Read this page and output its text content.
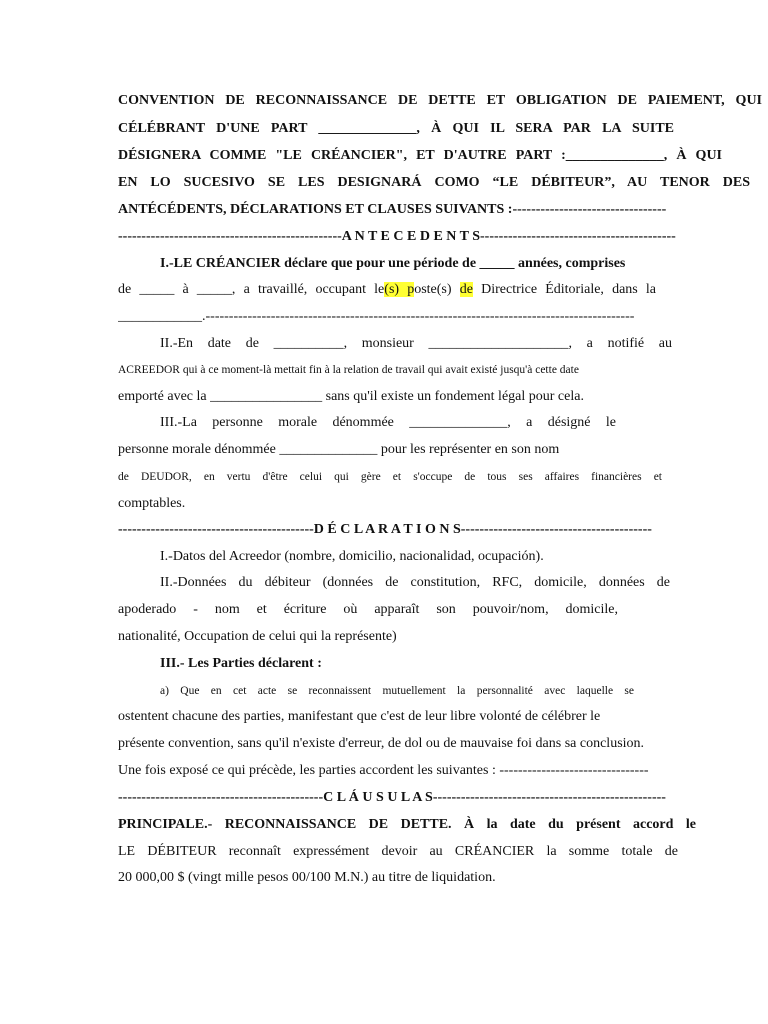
CONVENTION DE RECONNAISSANCE DE DETTE ET OBLIGATION DE PAIEMENT, QUI
CÉLÉBRANT D'UNE PART ______________, À QUI IL SERA PAR LA SUITE
DÉSIGNERA COMME "LE CRÉANCIER", ET D'AUTRE PART :______________, À QUI
EN LO SUCESIVO SE LES DESIGNARÁ COMO “LE DÉBITEUR”, AU TENOR DES
ANTÉCÉDENTS, DÉCLARATIONS ET CLAUSES SUIVANTS :---------------------------------
------------------------------------------------A N T E C E D E N T S------------------------------------------
I.-LE CRÉANCIER déclare que pour une période de _____ années, comprises
de _____ à _____, a travaillé, occupant le(s) poste(s) de Directrice Éditoriale, dans la
____________.--------------------------------------------------------------------------------------------
II.-En date de __________, monsieur ____________________, a notifié au
ACREEDOR qui à ce moment-là mettait fin à la relation de travail qui avait existé jusqu'à cette date
emporté avec la ________________ sans qu'il existe un fondement légal pour cela.
III.-La personne morale dénommée ______________, a désigné le
personne morale dénommée ______________ pour les représenter en son nom
de DEUDOR, en vertu d'être celui qui gère et s'occupe de tous ses affaires financières et
comptables.
------------------------------------------D É C L A R A T I O N S-----------------------------------------
I.-Datos del Acreedor (nombre, domicilio, nacionalidad, ocupación).
II.-Données du débiteur (données de constitution, RFC, domicile, données de
apoderado - nom et écriture où apparaît son pouvoir/nom, domicile,
nationalité, Occupation de celui qui la représente)
III.- Les Parties déclarent :
a) Que en cet acte se reconnaissent mutuellement la personnalité avec laquelle se
ostentent chacune des parties, manifestant que c'est de leur libre volonté de célébrer le
présente convention, sans qu'il n'existe d'erreur, de dol ou de mauvaise foi dans sa conclusion.
Une fois exposé ce qui précède, les parties accordent les suivantes : --------------------------------
--------------------------------------------C L Á U S U L A S--------------------------------------------------
PRINCIPALE.- RECONNAISSANCE DE DETTE. À la date du présent accord le
LE DÉBITEUR reconnaît expressément devoir au CRÉANCIER la somme totale de
20 000,00 $ (vingt mille pesos 00/100 M.N.) au titre de liquidation.
